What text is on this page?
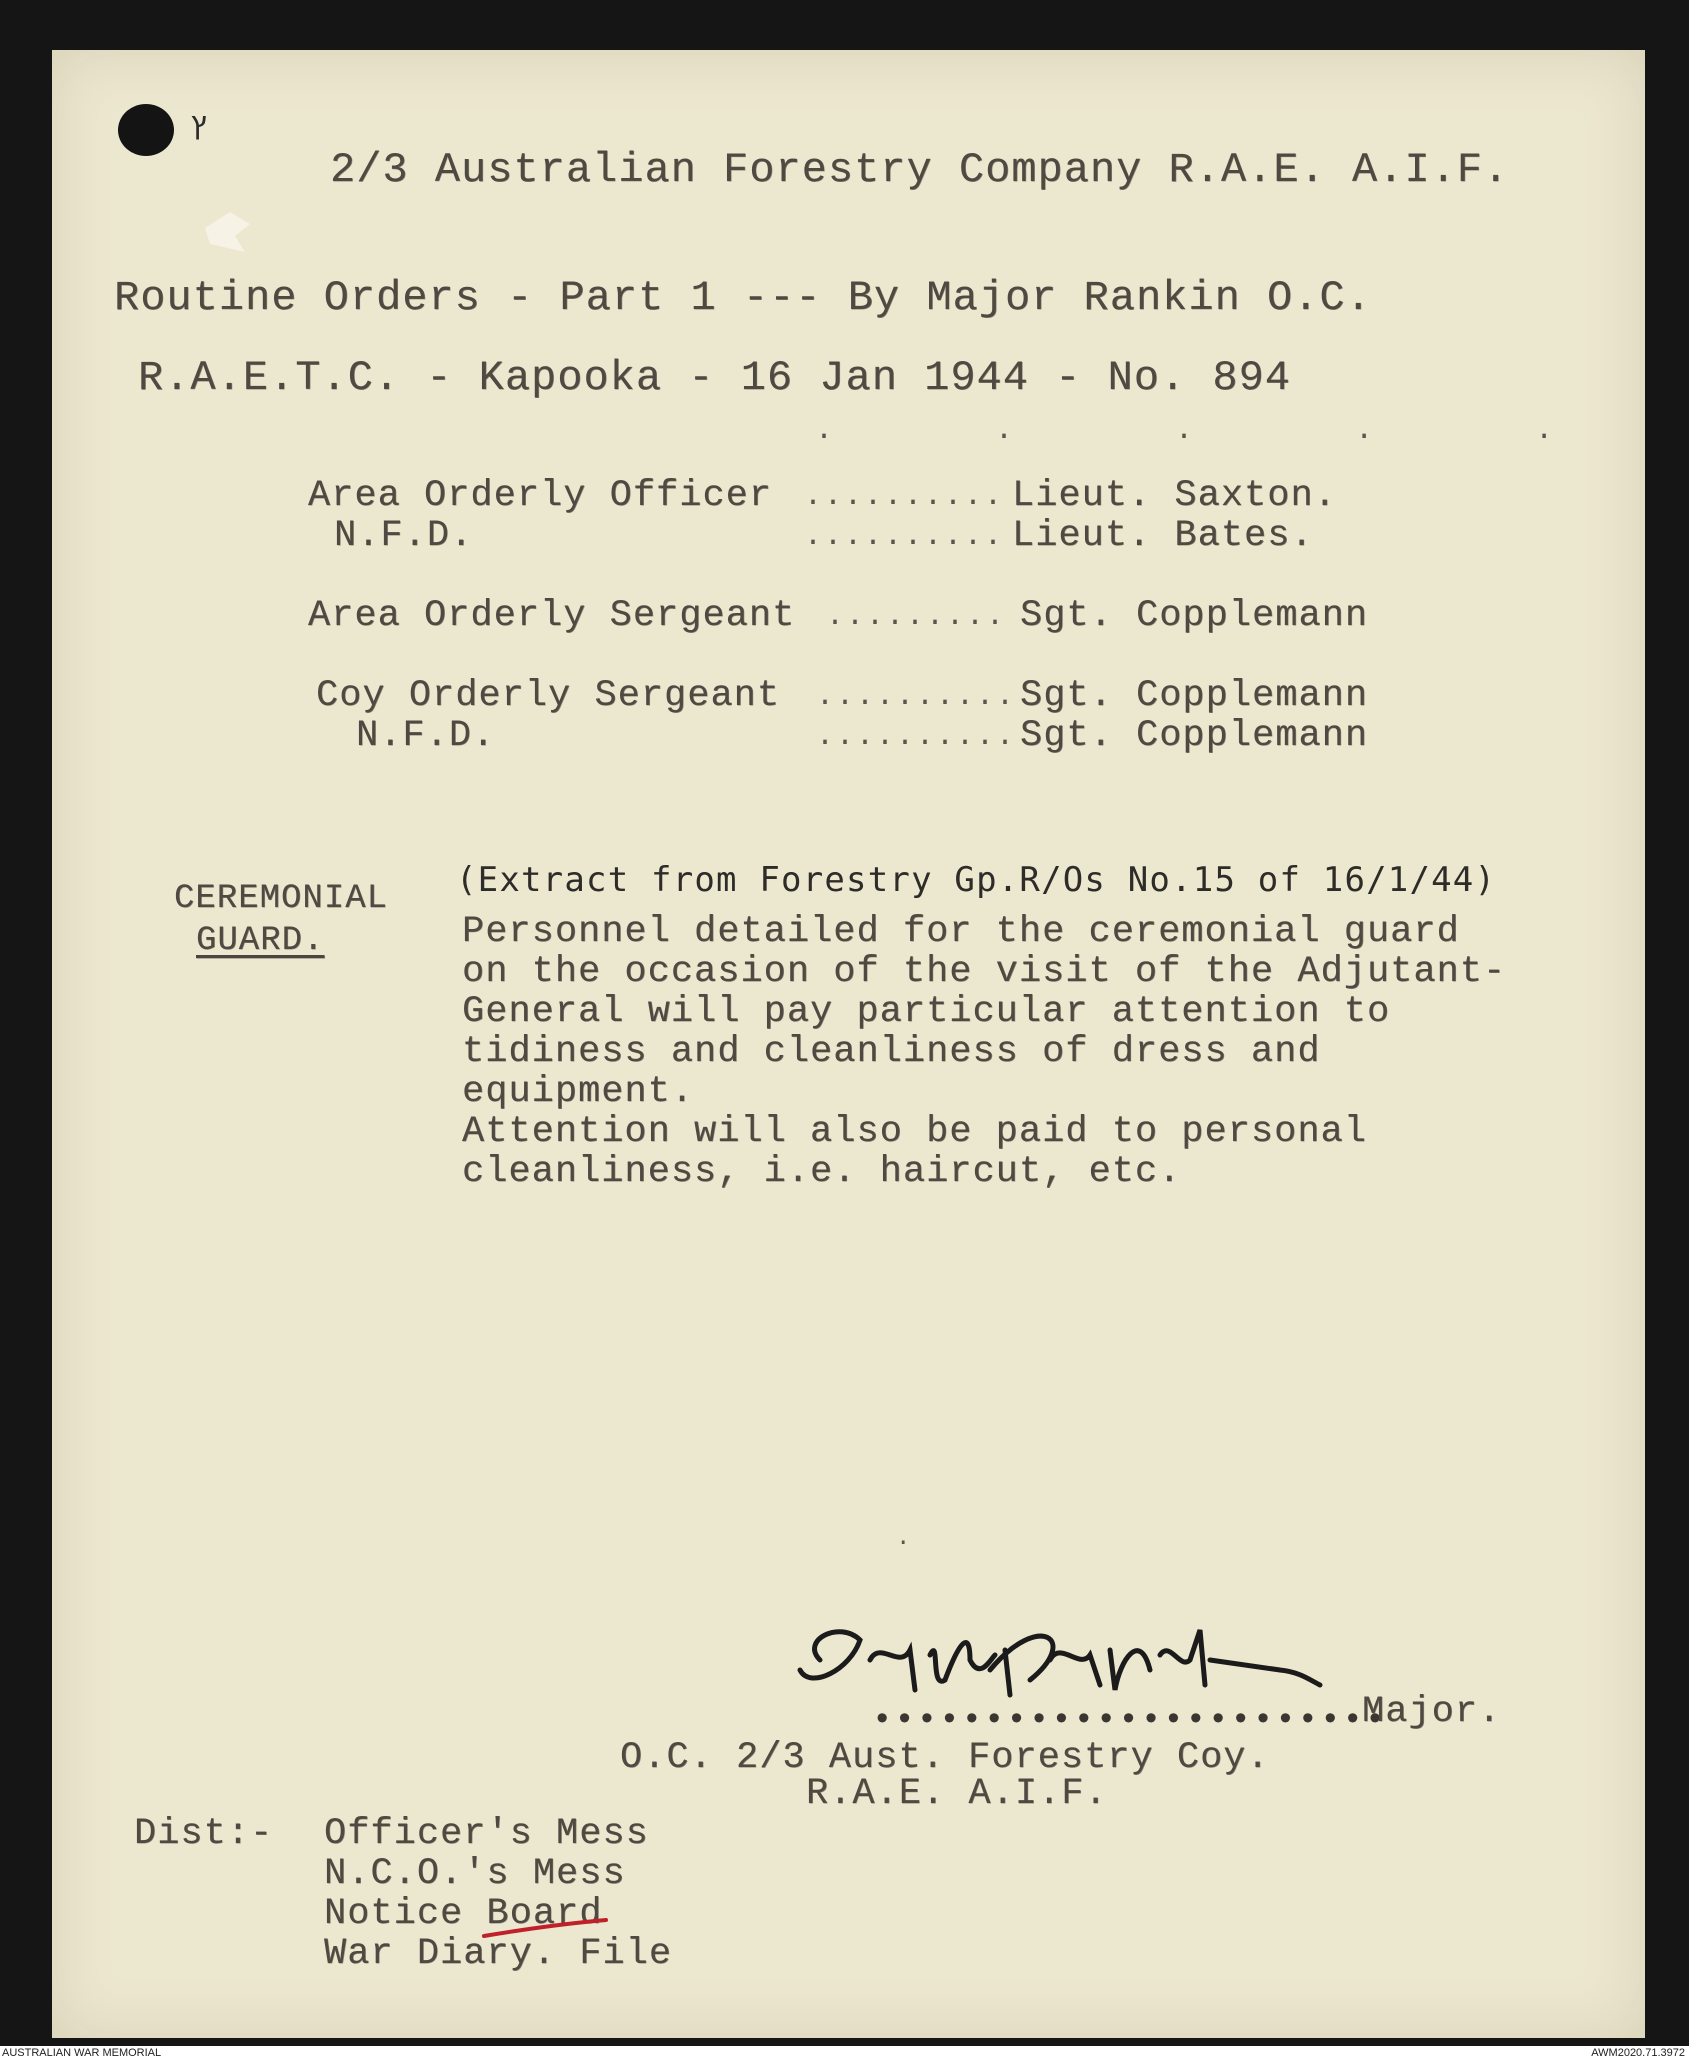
ץ
2/3 Australian Forestry Company R.A.E. A.I.F.
Routine Orders - Part 1 --- By Major Rankin O.C.
R.A.E.T.C. - Kapooka - 16 Jan 1944 - No. 894
·        ·        ·        ·        ·
Area Orderly Officer .......... Lieut. Saxton.
N.F.D.	.......... Lieut. Bates.
Area Orderly Sergeant ......... Sgt. Copplemann
Coy Orderly Sergeant .......... Sgt. Copplemann
N.F.D.	.......... Sgt. Copplemann
CEREMONIAL
GUARD.
(Extract from Forestry Gp.R/Os No.15 of 16/1/44)
Personnel detailed for the ceremonial guard
on the occasion of the visit of the Adjutant-
General will pay particular attention to
tidiness and cleanliness of dress and
equipment.
Attention will also be paid to personal
cleanliness, i.e. haircut, etc.
·
•••••••••••••••••••••••
Major.
O.C. 2/3 Aust. Forestry Coy.
R.A.E. A.I.F.
Dist:- Officer's Mess
N.C.O.'s Mess
Notice Board
War Diary. File
AUSTRALIAN WAR MEMORIAL	AWM2020.71.3972
